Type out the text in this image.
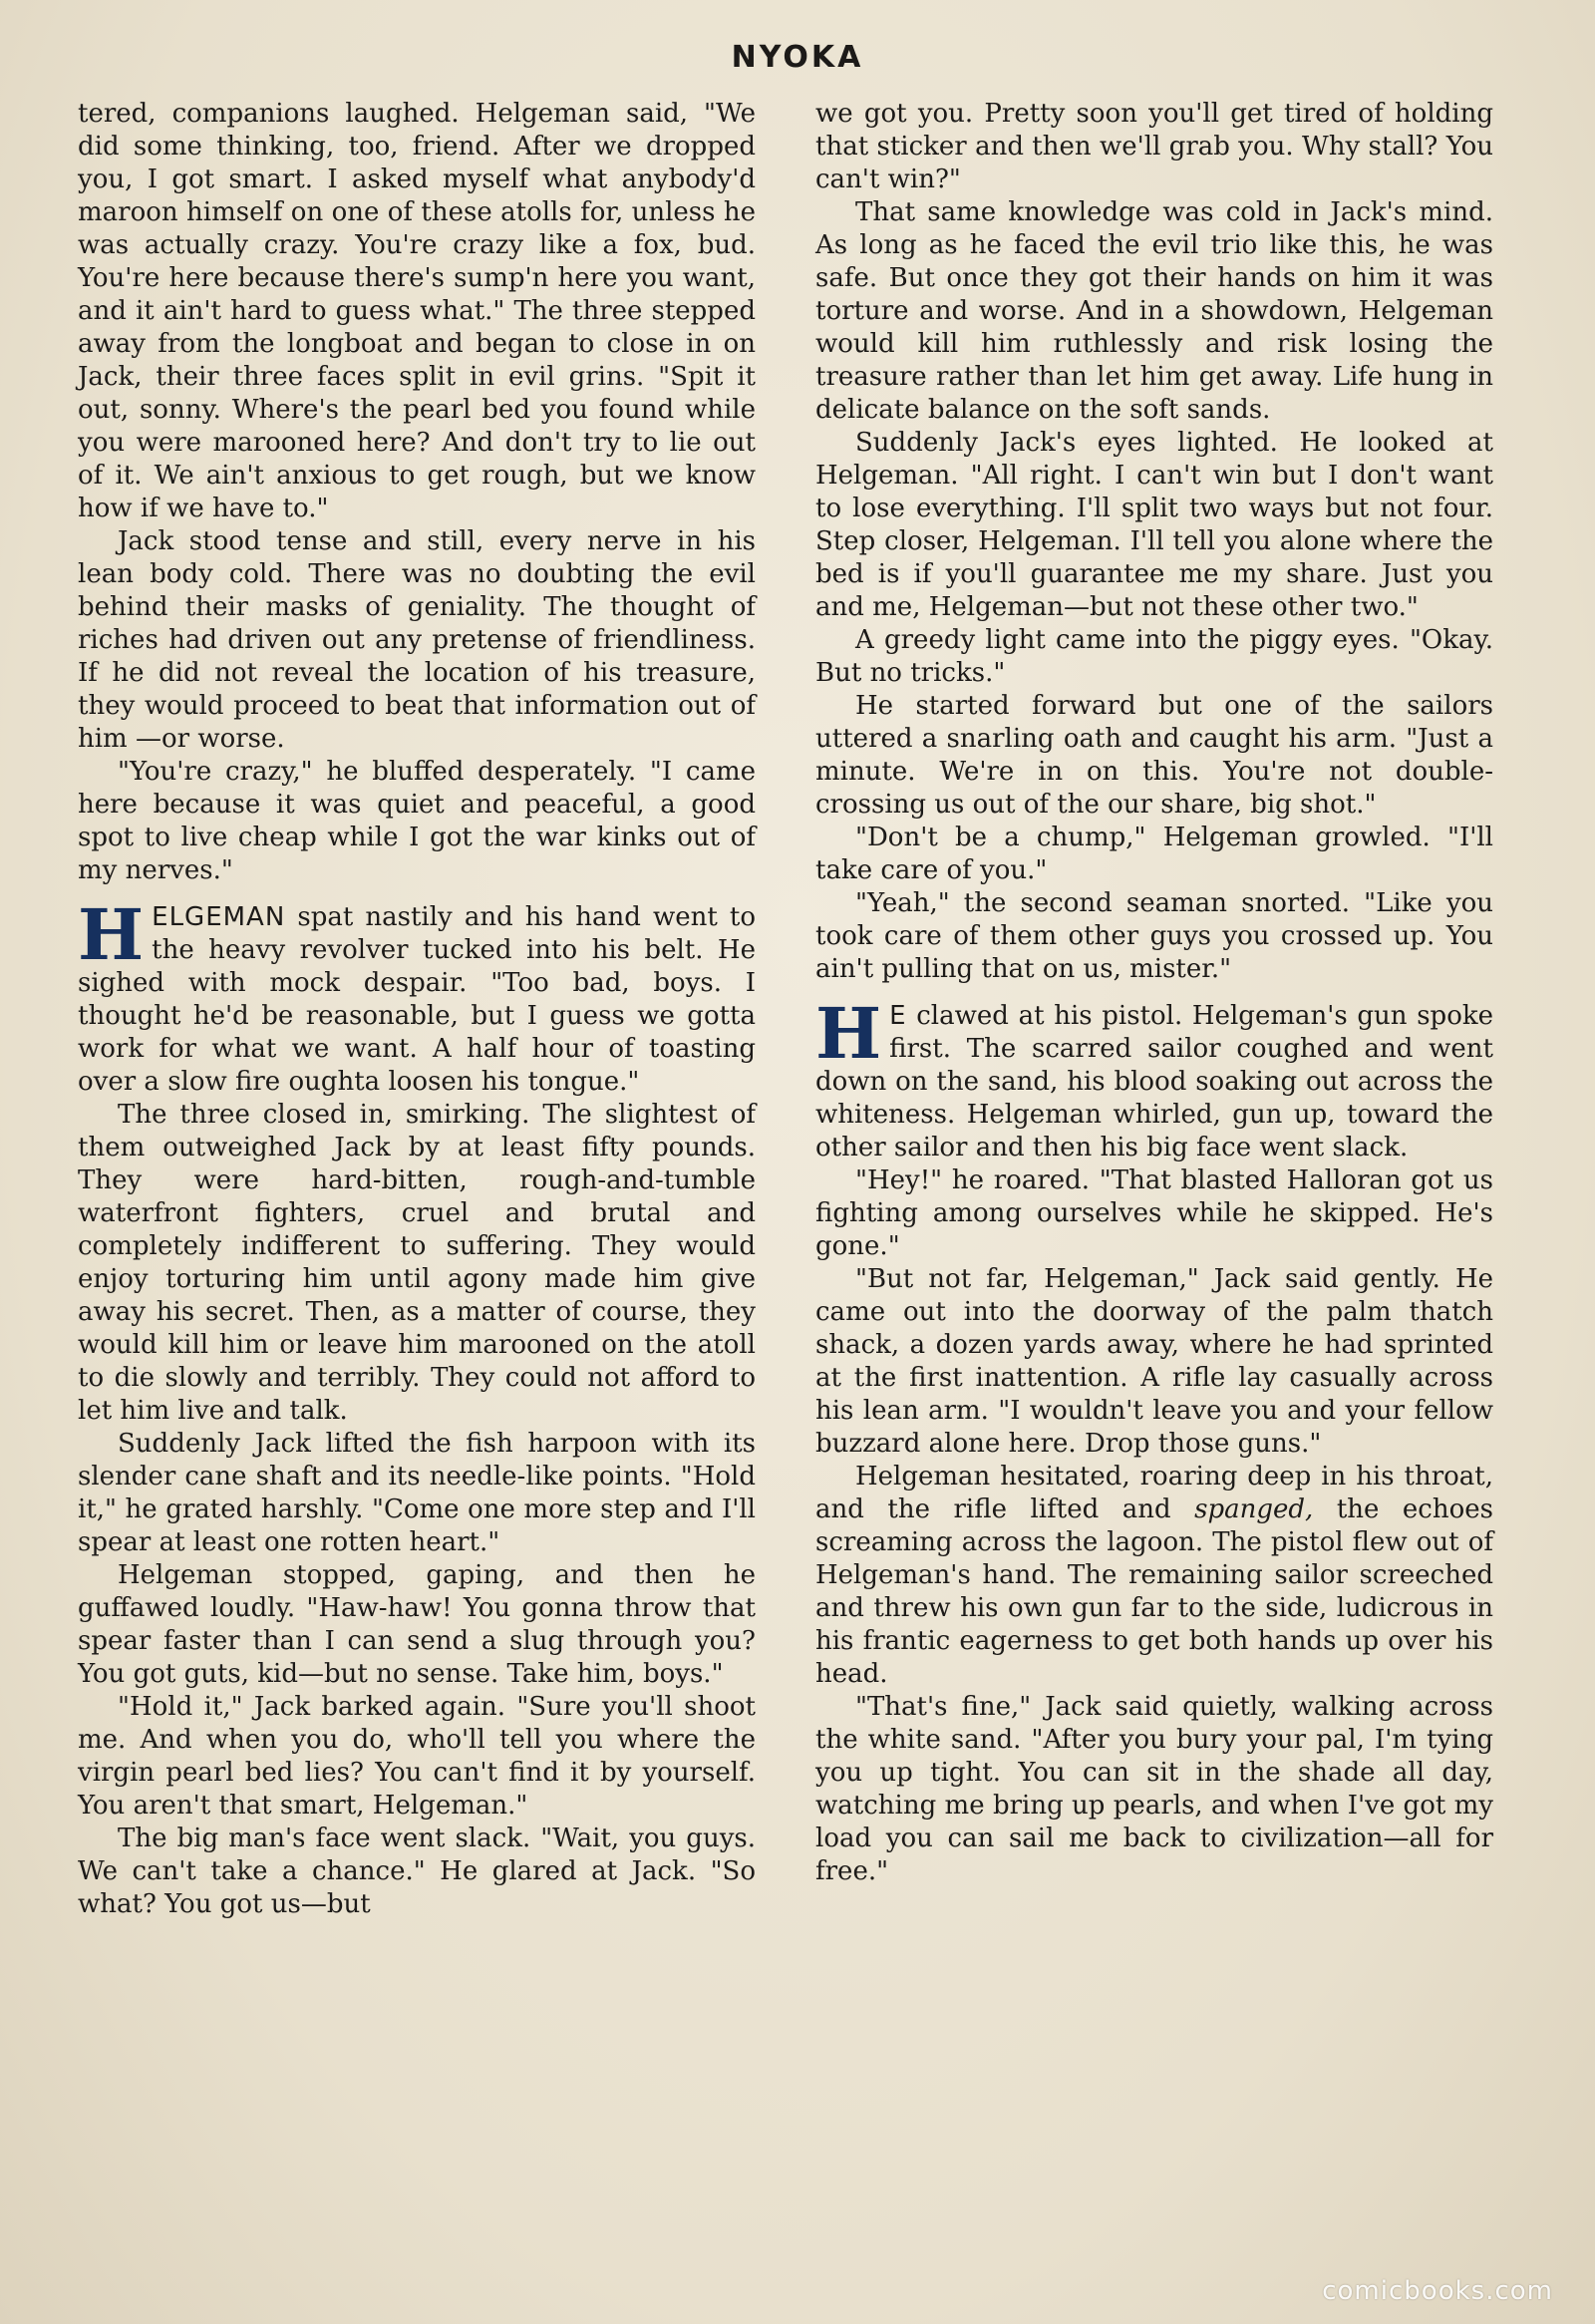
NYOKA

tered, companions laughed. Helgeman said, "We did some thinking, too, friend. After we dropped you, I got smart. I asked myself what anybody'd maroon himself on one of these atolls for, unless he was actually crazy. You're crazy like a fox, bud. You're here because there's sump'n here you want, and it ain't hard to guess what." The three stepped away from the longboat and began to close in on Jack, their three faces split in evil grins. "Spit it out, sonny. Where's the pearl bed you found while you were marooned here? And don't try to lie out of it. We ain't anxious to get rough, but we know how if we have to."

Jack stood tense and still, every nerve in his lean body cold. There was no doubting the evil behind their masks of geniality. The thought of riches had driven out any pretense of friendliness. If he did not reveal the location of his treasure, they would proceed to beat that information out of him —or worse.

"You're crazy," he bluffed desperately. "I came here because it was quiet and peaceful, a good spot to live cheap while I got the war kinks out of my nerves."

H ELGEMAN spat nastily and his hand went to the heavy revolver tucked into his belt. He sighed with mock despair. "Too bad, boys. I thought he'd be reasonable, but I guess we gotta work for what we want. A half hour of toasting over a slow fire oughta loosen his tongue."

The three closed in, smirking. The slightest of them outweighed Jack by at least fifty pounds. They were hard-bitten, rough-and-tumble waterfront fighters, cruel and brutal and completely indifferent to suffering. They would enjoy torturing him until agony made him give away his secret. Then, as a matter of course, they would kill him or leave him marooned on the atoll to die slowly and terribly. They could not afford to let him live and talk.

Suddenly Jack lifted the fish harpoon with its slender cane shaft and its needle-like points. "Hold it," he grated harshly. "Come one more step and I'll spear at least one rotten heart."

Helgeman stopped, gaping, and then he guffawed loudly. "Haw-haw! You gonna throw that spear faster than I can send a slug through you? You got guts, kid—but no sense. Take him, boys."

"Hold it," Jack barked again. "Sure you'll shoot me. And when you do, who'll tell you where the virgin pearl bed lies? You can't find it by yourself. You aren't that smart, Helgeman."

The big man's face went slack. "Wait, you guys. We can't take a chance." He glared at Jack. "So what? You got us—but

we got you. Pretty soon you'll get tired of holding that sticker and then we'll grab you. Why stall? You can't win?"

That same knowledge was cold in Jack's mind. As long as he faced the evil trio like this, he was safe. But once they got their hands on him it was torture and worse. And in a showdown, Helgeman would kill him ruthlessly and risk losing the treasure rather than let him get away. Life hung in delicate balance on the soft sands.

Suddenly Jack's eyes lighted. He looked at Helgeman. "All right. I can't win but I don't want to lose everything. I'll split two ways but not four. Step closer, Helgeman. I'll tell you alone where the bed is if you'll guarantee me my share. Just you and me, Helgeman—but not these other two."

A greedy light came into the piggy eyes. "Okay. But no tricks."

He started forward but one of the sailors uttered a snarling oath and caught his arm. "Just a minute. We're in on this. You're not double-crossing us out of the our share, big shot."

"Don't be a chump," Helgeman growled. "I'll take care of you."

"Yeah," the second seaman snorted. "Like you took care of them other guys you crossed up. You ain't pulling that on us, mister."

H E clawed at his pistol. Helgeman's gun spoke first. The scarred sailor coughed and went down on the sand, his blood soaking out across the whiteness. Helgeman whirled, gun up, toward the other sailor and then his big face went slack.

"Hey!" he roared. "That blasted Halloran got us fighting among ourselves while he skipped. He's gone."

"But not far, Helgeman," Jack said gently. He came out into the doorway of the palm thatch shack, a dozen yards away, where he had sprinted at the first inattention. A rifle lay casually across his lean arm. "I wouldn't leave you and your fellow buzzard alone here. Drop those guns."

Helgeman hesitated, roaring deep in his throat, and the rifle lifted and spanged, the echoes screaming across the lagoon. The pistol flew out of Helgeman's hand. The remaining sailor screeched and threw his own gun far to the side, ludicrous in his frantic eagerness to get both hands up over his head.

"That's fine," Jack said quietly, walking across the white sand. "After you bury your pal, I'm tying you up tight. You can sit in the shade all day, watching me bring up pearls, and when I've got my load you can sail me back to civilization—all for free."

comicbooks.com
